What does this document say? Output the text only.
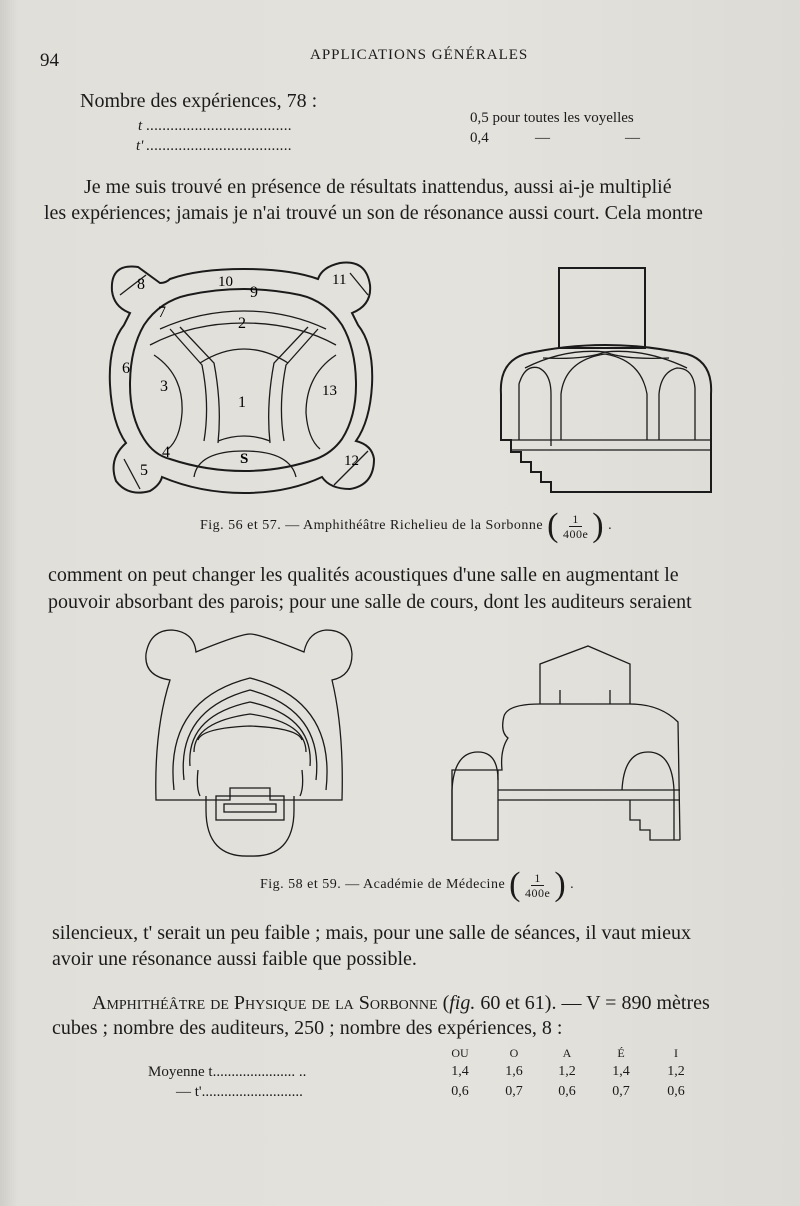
94	APPLICATIONS GÉNÉRALES
Nombre des expériences, 78 :
t ....................................	0,5 pour toutes les voyelles
t' ....................................	0,4	—	—
Je me suis trouvé en présence de résultats inattendus, aussi ai-je multiplié
les expériences; jamais je n'ai trouvé un son de résonance aussi court. Cela montre
8	10
9
11
7
2
6
3
1
13
4
5
S	12
Fig. 56 et 57. — Amphithéâtre Richelieu de la Sorbonne ( $\frac{1}{400e}$ ) .
comment on peut changer les qualités acoustiques d'une salle en augmentant le
pouvoir absorbant des parois; pour une salle de cours, dont les auditeurs seraient
Fig. 58 et 59. — Académie de Médecine ( $\frac{1}{400e}$ ) .
silencieux, t' serait un peu faible ; mais, pour une salle de séances, il vaut mieux
avoir une résonance aussi faible que possible.
Amphithéâtre de Physique de la Sorbonne (fig. 60 et 61). — V = 890 mètres
cubes ; nombre des auditeurs, 250 ; nombre des expériences, 8 :
OU	O	A	É	I
Moyenne t...................... ..	1,4	1,6	1,2	1,4	1,2
— t'...........................	0,6	0,7	0,6	0,7	0,6
